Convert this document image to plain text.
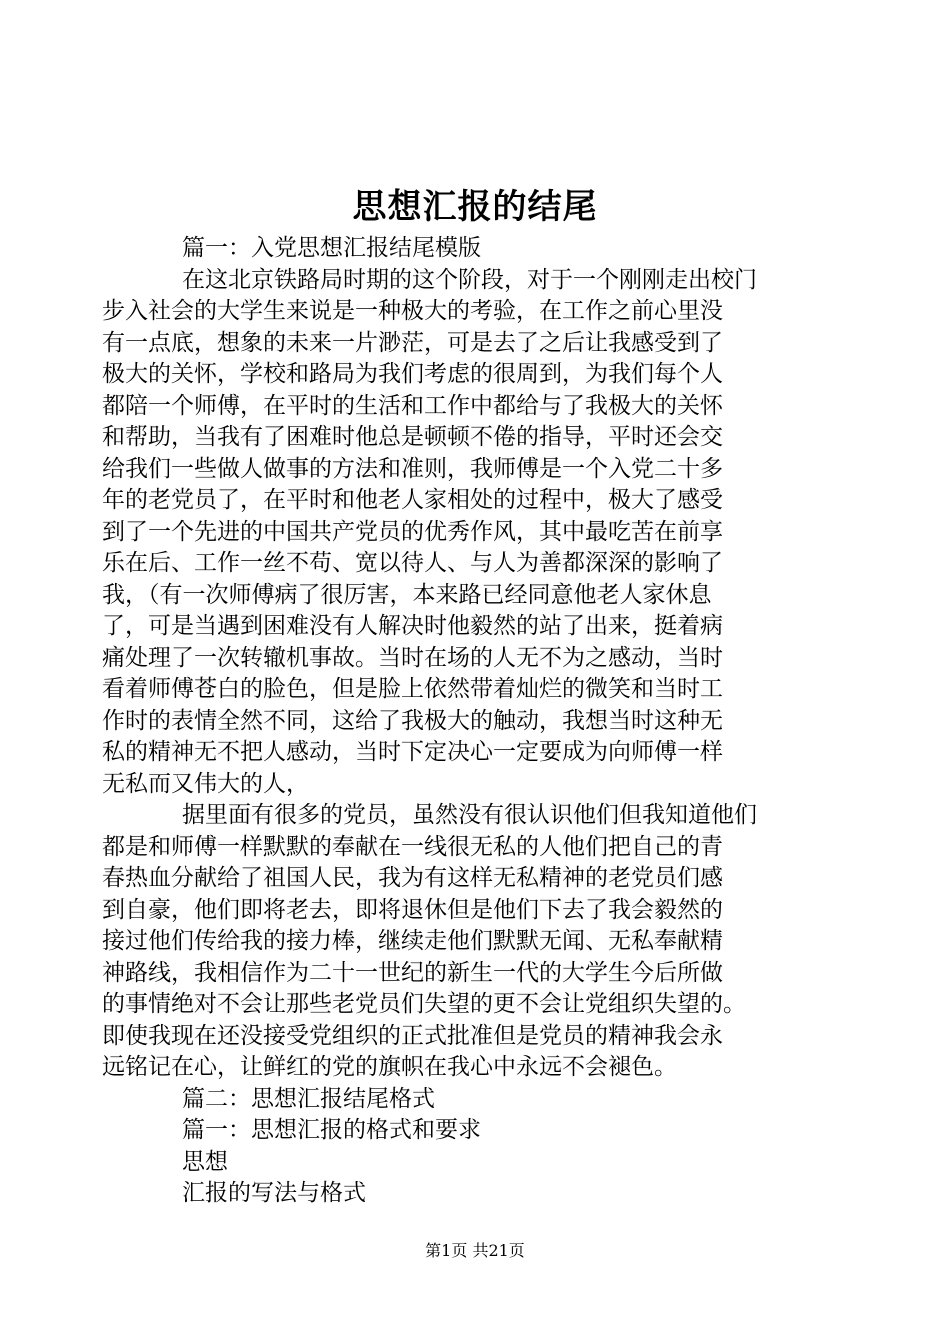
思想汇报的结尾
篇一：入党思想汇报结尾模版
在这北京铁路局时期的这个阶段，对于一个刚刚走出校门
步入社会的大学生来说是一种极大的考验，在工作之前心里没
有一点底，想象的未来一片渺茫，可是去了之后让我感受到了
极大的关怀，学校和路局为我们考虑的很周到，为我们每个人
都陪一个师傅，在平时的生活和工作中都给与了我极大的关怀
和帮助，当我有了困难时他总是顿顿不倦的指导，平时还会交
给我们一些做人做事的方法和准则，我师傅是一个入党二十多
年的老党员了，在平时和他老人家相处的过程中，极大了感受
到了一个先进的中国共产党员的优秀作风，其中最吃苦在前享
乐在后、工作一丝不苟、宽以待人、与人为善都深深的影响了
我，（有一次师傅病了很厉害，本来路已经同意他老人家休息
了，可是当遇到困难没有人解决时他毅然的站了出来，挺着病
痛处理了一次转辙机事故。当时在场的人无不为之感动，当时
看着师傅苍白的脸色，但是脸上依然带着灿烂的微笑和当时工
作时的表情全然不同，这给了我极大的触动，我想当时这种无
私的精神无不把人感动，当时下定决心一定要成为向师傅一样
无私而又伟大的人，
据里面有很多的党员，虽然没有很认识他们但我知道他们
都是和师傅一样默默的奉献在一线很无私的人他们把自己的青
春热血分献给了祖国人民，我为有这样无私精神的老党员们感
到自豪，他们即将老去，即将退休但是他们下去了我会毅然的
接过他们传给我的接力棒，继续走他们默默无闻、无私奉献精
神路线，我相信作为二十一世纪的新生一代的大学生今后所做
的事情绝对不会让那些老党员们失望的更不会让党组织失望的。
即使我现在还没接受党组织的正式批准但是党员的精神我会永
远铭记在心，让鲜红的党的旗帜在我心中永远不会褪色。
篇二：思想汇报结尾格式
篇一：思想汇报的格式和要求
思想
汇报的写法与格式
第1页 共21页
